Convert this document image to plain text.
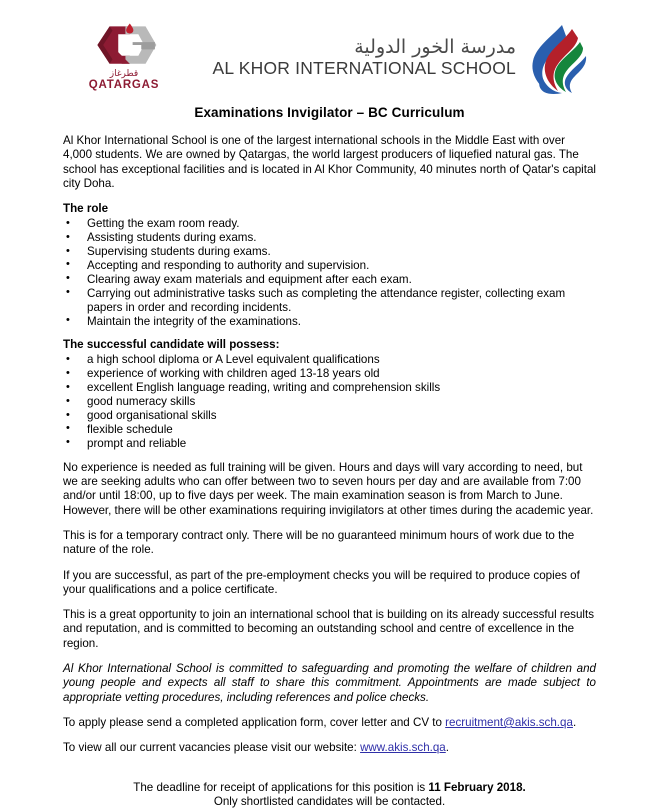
قطرغاز
QATARGAS
مدرسة الخور الدولية
AL KHOR INTERNATIONAL SCHOOL
Examinations Invigilator – BC Curriculum

Al Khor International School is one of the largest international schools in the Middle East with over 4,000 students. We are owned by Qatargas, the world largest producers of liquefied natural gas. The school has exceptional facilities and is located in Al Khor Community, 40 minutes north of Qatar's capital city Doha.

The role
• Getting the exam room ready.
• Assisting students during exams.
• Supervising students during exams.
• Accepting and responding to authority and supervision.
• Clearing away exam materials and equipment after each exam.
• Carrying out administrative tasks such as completing the attendance register, collecting exam papers in order and recording incidents.
• Maintain the integrity of the examinations.
The successful candidate will possess:
• a high school diploma or A Level equivalent qualifications
• experience of working with children aged 13-18 years old
• excellent English language reading, writing and comprehension skills
• good numeracy skills
• good organisational skills
• flexible schedule
• prompt and reliable

No experience is needed as full training will be given. Hours and days will vary according to need, but we are seeking adults who can offer between two to seven hours per day and are available from 7:00 and/or until 18:00, up to five days per week. The main examination season is from March to June. However, there will be other examinations requiring invigilators at other times during the academic year.

This is for a temporary contract only. There will be no guaranteed minimum hours of work due to the nature of the role.

If you are successful, as part of the pre-employment checks you will be required to produce copies of your qualifications and a police certificate.

This is a great opportunity to join an international school that is building on its already successful results and reputation, and is committed to becoming an outstanding school and centre of excellence in the region.

Al Khor International School is committed to safeguarding and promoting the welfare of children and young people and expects all staff to share this commitment. Appointments are made subject to appropriate vetting procedures, including references and police checks.

To apply please send a completed application form, cover letter and CV to recruitment@akis.sch.qa.

To view all our current vacancies please visit our website: www.akis.sch.qa.

The deadline for receipt of applications for this position is 11 February 2018.
Only shortlisted candidates will be contacted.
